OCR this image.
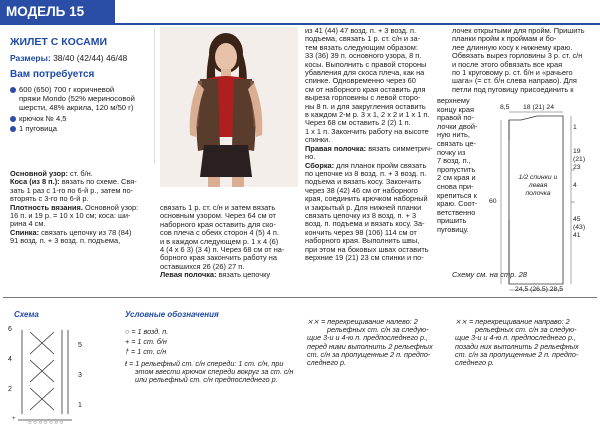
МОДЕЛЬ 15
ЖИЛЕТ С КОСАМИ
Размеры: 38/40 (42/44) 46/48
Вам потребуется
600 (650) 700 г коричневой
пряжи Mondo (52% мериносовой
шерсти, 48% акрила, 120 м/50 г)
крючок № 4,5
1 пуговица

Основной узор: ст. б/н.

Коса (из 8 п.): вязать по схеме. Свя-

зать 1 раз с 1-го по 6-й р., затем по-

вторять с 3-го по 6-й р.

Плотность вязания. Основной узор:

16 п. и 19 р. = 10 х 10 см; коса: ши-

рина 4 см.

Спинка: связать цепочку из 78 (84)

91 возд. п. + 3 возд. п. подъема,

связать 1 р. ст. с/н и затем вязать

основным узором. Через 64 см от

наборного края оставить для ско-

сов плеча с обеих сторон 4 (5) 4 п.

и в каждом следующем р. 1 х 4 (6)

4 (4 х 6 3) (3 4) п. Через 68 см от на-

борного края закончить работу на

оставшихся 26 (26) 27 п.

Левая полочка: вязать цепочку

из 41 (44) 47 возд. п. + 3 возд. п.

подъема, связать 1 р. ст. с/н и за-

тем вязать следующим образом:

33 (36) 39 п. основного узора, 8 п.

косы. Выполнить с правой стороны

убавления для скоса плеча, как на

спинке. Одновременно через 60

см от наборного края оставить для

выреза горловины с левой сторо-

ны 8 п. и для закругления оставить

в каждом 2-м р. 3 х 1, 2 х 2 и 1 х 1 п.

Через 68 см оставить 2 (2) 1 п.

1 х 1 п. Закончить работу на высоте

спинки.

Правая полочка: вязать симметрич-

но.

Сборка: для планок пройм связать

по цепочке из 8 возд. п. + 3 возд. п.

подъема и вязать косу. Закончить

через 38 (42) 46 см от наборного

края, соединить крючком наборный

и закрытый р. Для нижней планки

связать цепочку из 8 возд. п. + 3

возд. п. подъема и вязать косу. За-

кончить через 98 (106) 114 см от

наборного края. Выполнить швы,

при этом на боковых швах оставить

верхние 19 (21) 23 см спинки и по-

лочек открытыми для пройм. Пришить

планки пройм к проймам и бо-

лее длинную косу к нижнему краю.

Обвязать вырез горловины 3 р. ст. с/н

и после этого обвязать все края

по 1 круговому р. ст. б/н и «рачьего

шага» (= ст. б/н слева направо). Для

петли под пуговицу присоединить к

верхнему

концу края

правой по-

лочки двой-

ную нить,

связать це-

почку из

7 возд. п.,

пропустить

2 см края и

снова при-

крепиться к

краю. Соот-

ветственно

пришить

пуговицу.

Схему см. на стр. 28
8,5 18 (21) 24
1
19
(21)
23
4
60
45
(43)
41
1/2 спинки и левая полочка
24,5 (26,5) 28,5
Схема
+
○ ○ ○ ○ ○ ○ ○
6
5
4
3
2
1
Условные обозначения
○ = 1 возд. п.
+ = 1 ст. б/н
† = 1 ст. с/н

ŧ = 1 рельефный ст. с/н спереди: 1 ст. с/н, при

этом ввести крючок спереди вокруг за ст. с/н

или рельефный ст. с/н предпоследнего р.

⨯⨯ = перекрещивание налево: 2

рельефных ст. с/н за следую-

щие 3-и и 4-ю п. предпоследнего р.,

перед ними выполнить 2 рельефных

ст. с/н за пропущенные 2 п. предпо-

следнего р.

⨯⨯ = перекрещивание направо: 2

рельефных ст. с/н за следую-

щие 3-и и 4-ю п. предпоследнего р.,

позади них выполнить 2 рельефных

ст. с/н за пропущенные 2 п. предпо-

следнего р.
